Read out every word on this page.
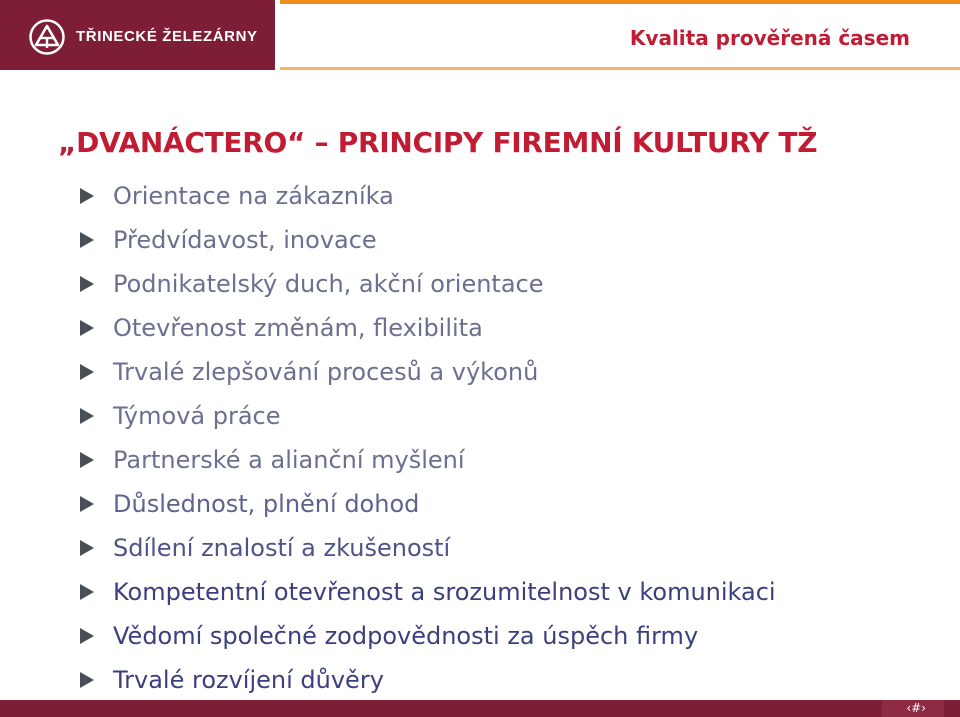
TŘINECKÉ ŽELEZÁRNY	Kvalita prověřená časem
„DVANÁCTERO“ – PRINCIPY FIREMNÍ KULTURY TŽ
Orientace na zákazníka
Předvídavost, inovace
Podnikatelský duch, akční orientace
Otevřenost změnám, flexibilita
Trvalé zlepšování procesů a výkonů
Týmová práce
Partnerské a alianční myšlení
Důslednost, plnění dohod
Sdílení znalostí a zkušeností
Kompetentní otevřenost a srozumitelnost v komunikaci
Vědomí společné zodpovědnosti za úspěch firmy
Trvalé rozvíjení důvěry
‹#›
